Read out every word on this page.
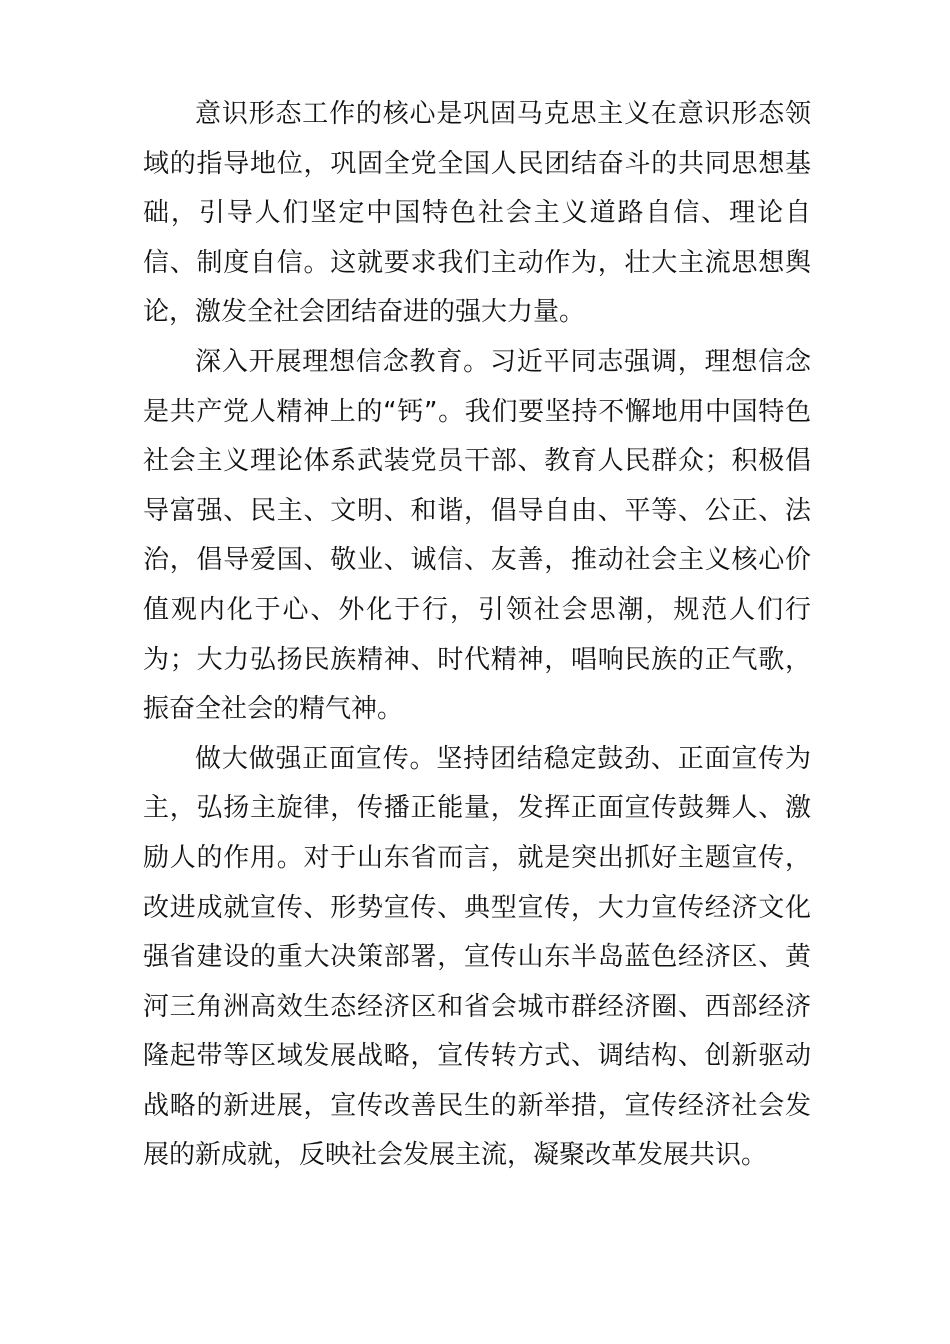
意识形态工作的核心是巩固马克思主义在意识形态领域的指导地位，巩固全党全国人民团结奋斗的共同思想基础，引导人们坚定中国特色社会主义道路自信、理论自信、制度自信。这就要求我们主动作为，壮大主流思想舆论，激发全社会团结奋进的强大力量。

深入开展理想信念教育。习近平同志强调，理想信念是共产党人精神上的“钙”。我们要坚持不懈地用中国特色社会主义理论体系武装党员干部、教育人民群众；积极倡导富强、民主、文明、和谐，倡导自由、平等、公正、法治，倡导爱国、敬业、诚信、友善，推动社会主义核心价值观内化于心、外化于行，引领社会思潮，规范人们行为；大力弘扬民族精神、时代精神，唱响民族的正气歌，振奋全社会的精气神。

做大做强正面宣传。坚持团结稳定鼓劲、正面宣传为主，弘扬主旋律，传播正能量，发挥正面宣传鼓舞人、激励人的作用。对于山东省而言，就是突出抓好主题宣传，改进成就宣传、形势宣传、典型宣传，大力宣传经济文化强省建设的重大决策部署，宣传山东半岛蓝色经济区、黄河三角洲高效生态经济区和省会城市群经济圈、西部经济隆起带等区域发展战略，宣传转方式、调结构、创新驱动战略的新进展，宣传改善民生的新举措，宣传经济社会发展的新成就，反映社会发展主流，凝聚改革发展共识。
